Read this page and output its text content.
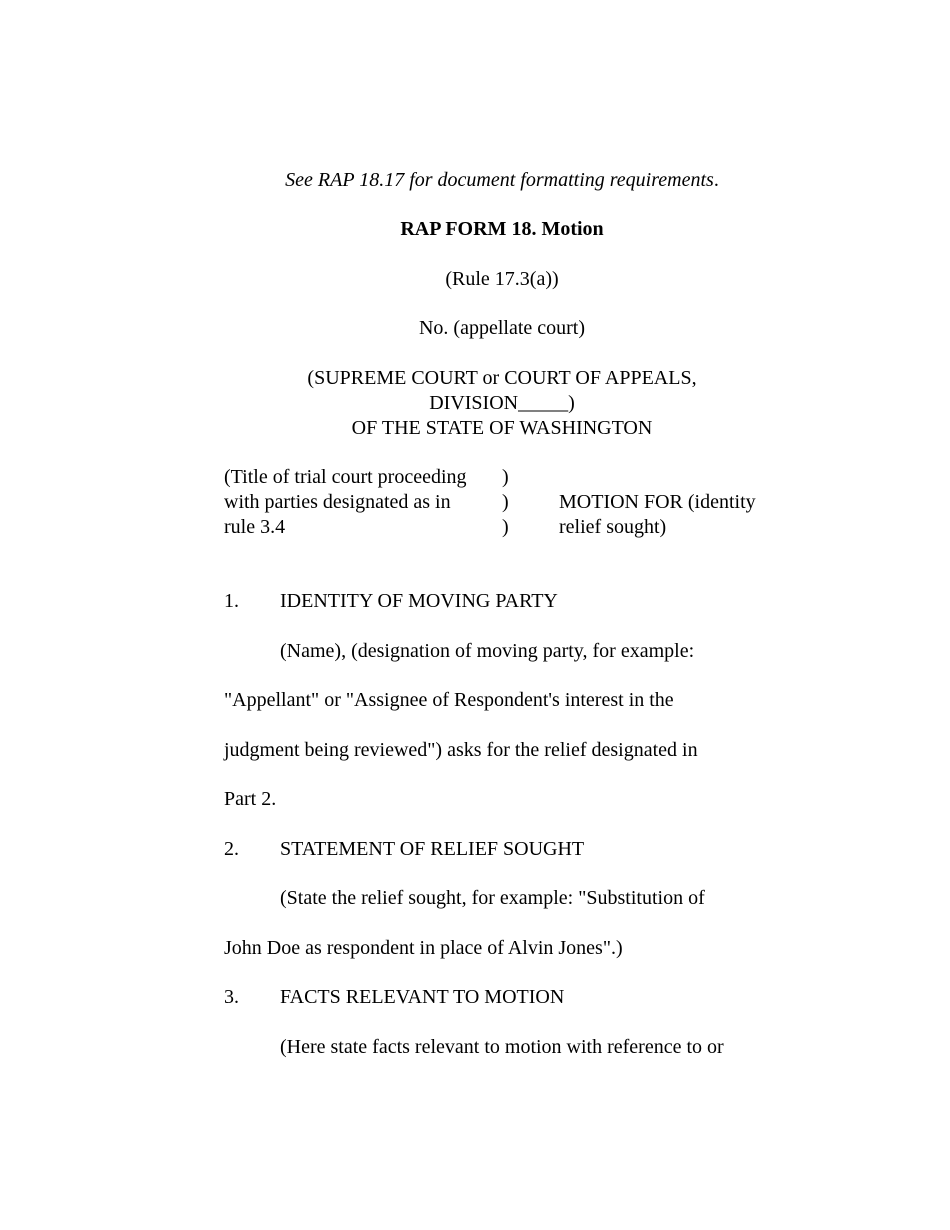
See RAP 18.17 for document formatting requirements.
RAP FORM 18. Motion
(Rule 17.3(a))
No. (appellate court)
(SUPREME COURT or COURT OF APPEALS,
DIVISION_____)
OF THE STATE OF WASHINGTON
(Title of trial court proceeding
with parties designated as in
rule 3.4
)
)
)
MOTION FOR (identity
relief sought)
1. IDENTITY OF MOVING PARTY
(Name), (designation of moving party, for example:
"Appellant" or "Assignee of Respondent's interest in the
judgment being reviewed") asks for the relief designated in
Part 2.
2. STATEMENT OF RELIEF SOUGHT
(State the relief sought, for example: "Substitution of
John Doe as respondent in place of Alvin Jones".)
3. FACTS RELEVANT TO MOTION
(Here state facts relevant to motion with reference to or
